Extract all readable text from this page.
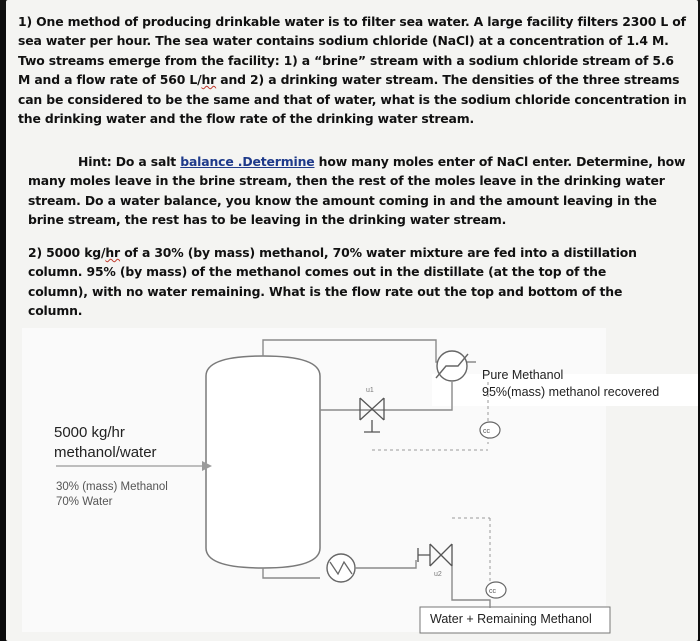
1) One method of producing drinkable water is to filter sea water. A large facility filters 2300 L of sea water per hour. The sea water contains sodium chloride (NaCl) at a concentration of 1.4 M. Two streams emerge from the facility: 1) a “brine” stream with a sodium chloride stream of 5.6 M and a flow rate of 560 L/hr and 2) a drinking water stream. The densities of the three streams can be considered to be the same and that of water, what is the sodium chloride concentration in the drinking water and the flow rate of the drinking water stream.
Hint: Do a salt balance .Determine how many moles enter of NaCl enter. Determine, how many moles leave in the brine stream, then the rest of the moles leave in the drinking water stream. Do a water balance, you know the amount coming in and the amount leaving in the brine stream, the rest has to be leaving in the drinking water stream.
2) 5000 kg/hr of a 30% (by mass) methanol, 70% water mixture are fed into a distillation column. 95% (by mass) of the methanol comes out in the distillate (at the top of the column), with no water remaining. What is the flow rate out the top and bottom of the column.
u1
cc
u2
cc
5000 kg/hr
methanol/water
30% (mass) Methanol
70% Water
Pure Methanol
95%(mass) methanol recovered
Water + Remaining Methanol
